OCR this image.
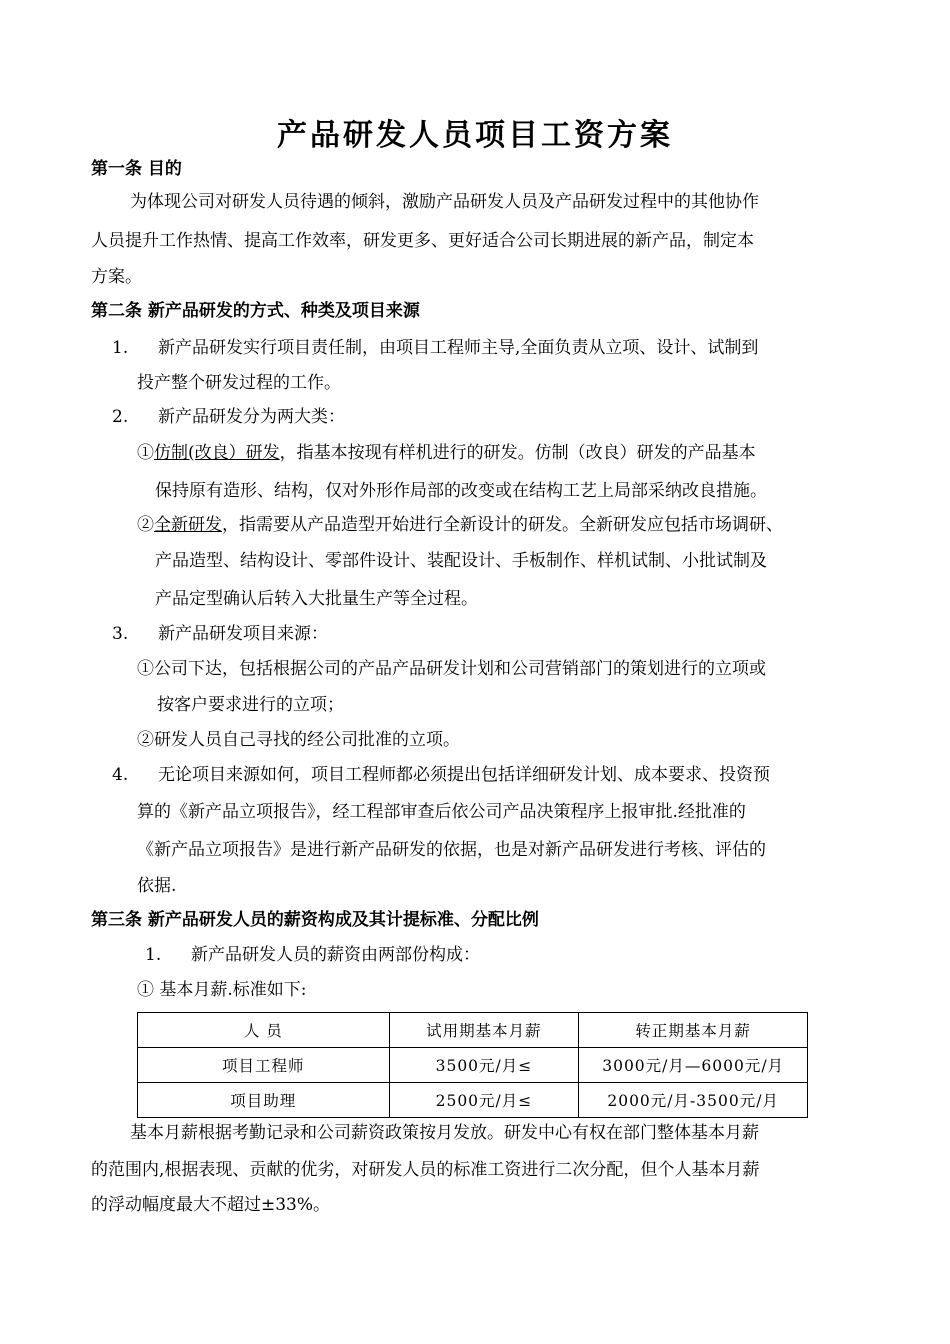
产品研发人员项目工资方案
第一条 目的
为体现公司对研发人员待遇的倾斜，激励产品研发人员及产品研发过程中的其他协作
人员提升工作热情、提高工作效率，研发更多、更好适合公司长期进展的新产品，制定本
方案。
第二条 新产品研发的方式、种类及项目来源
1. 新产品研发实行项目责任制，由项目工程师主导,全面负责从立项、设计、试制到
投产整个研发过程的工作。
2. 新产品研发分为两大类：
①仿制(改良）研发，指基本按现有样机进行的研发。仿制（改良）研发的产品基本
保持原有造形、结构，仅对外形作局部的改变或在结构工艺上局部采纳改良措施。
②全新研发，指需要从产品造型开始进行全新设计的研发。全新研发应包括市场调研、
产品造型、结构设计、零部件设计、装配设计、手板制作、样机试制、小批试制及
产品定型确认后转入大批量生产等全过程。
3. 新产品研发项目来源：
①公司下达，包括根据公司的产品产品研发计划和公司营销部门的策划进行的立项或
按客户要求进行的立项；
②研发人员自己寻找的经公司批准的立项。
4. 无论项目来源如何，项目工程师都必须提出包括详细研发计划、成本要求、投资预
算的《新产品立项报告》，经工程部审查后依公司产品决策程序上报审批.经批准的
《新产品立项报告》是进行新产品研发的依据，也是对新产品研发进行考核、评估的
依据.
第三条 新产品研发人员的薪资构成及其计提标准、分配比例
1. 新产品研发人员的薪资由两部份构成：
① 基本月薪.标准如下:
人 员	试用期基本月薪	转正期基本月薪
项目工程师	3500元/月≤	3000元/月—6000元/月
项目助理	2500元/月≤	2000元/月-3500元/月
基本月薪根据考勤记录和公司薪资政策按月发放。研发中心有权在部门整体基本月薪
的范围内,根据表现、贡献的优劣，对研发人员的标准工资进行二次分配，但个人基本月薪
的浮动幅度最大不超过±33%。
